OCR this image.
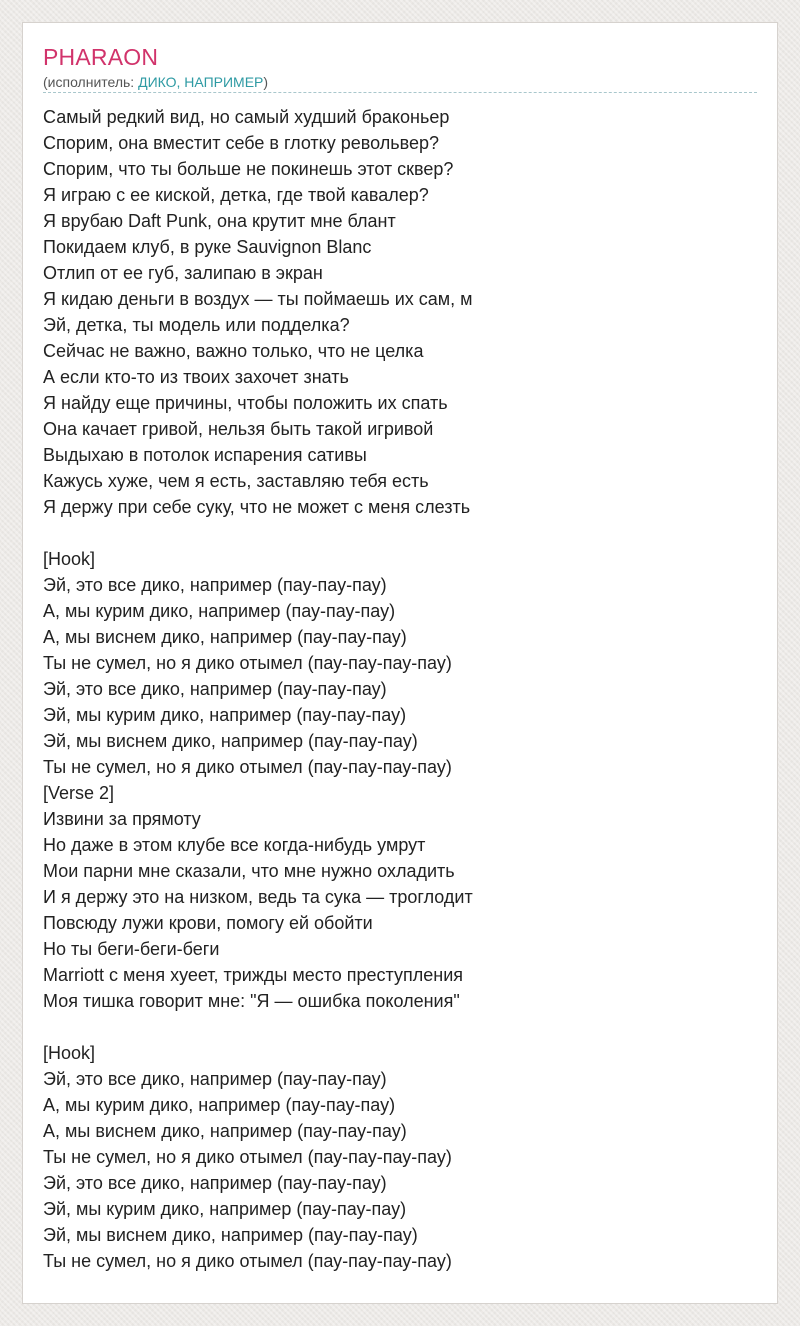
PHARAON
(исполнитель: ДИКО, НАПРИМЕР)
Самый редкий вид, но самый худший браконьер
Спорим, она вместит себе в глотку револьвер?
Спорим, что ты больше не покинешь этот сквер?
Я играю с ее киской, детка, где твой кавалер?
Я врубаю Daft Punk, она крутит мне блант
Покидаем клуб, в руке Sauvignon Blanc
Отлип от ее губ, залипаю в экран
Я кидаю деньги в воздух — ты поймаешь их сам, м
Эй, детка, ты модель или подделка?
Сейчас не важно, важно только, что не целка
А если кто-то из твоих захочет знать
Я найду еще причины, чтобы положить их спать
Она качает гривой, нельзя быть такой игривой
Выдыхаю в потолок испарения сативы
Кажусь хуже, чем я есть, заставляю тебя есть
Я держу при себе суку, что не может с меня слезть
[Hook]
Эй, это все дико, например (пау-пау-пау)
А, мы курим дико, например (пау-пау-пау)
А, мы виснем дико, например (пау-пау-пау)
Ты не сумел, но я дико отымел (пау-пау-пау-пау)
Эй, это все дико, например (пау-пау-пау)
Эй, мы курим дико, например (пау-пау-пау)
Эй, мы виснем дико, например (пау-пау-пау)
Ты не сумел, но я дико отымел (пау-пау-пау-пау)
[Verse 2]
Извини за прямоту
Но даже в этом клубе все когда-нибудь умрут
Мои парни мне сказали, что мне нужно охладить
И я держу это на низком, ведь та сука — троглодит
Повсюду лужи крови, помогу ей обойти
Но ты беги-беги-беги
Marriott с меня хуеет, трижды место преступления
Моя тишка говорит мне: "Я — ошибка поколения"
[Hook]
Эй, это все дико, например (пау-пау-пау)
А, мы курим дико, например (пау-пау-пау)
А, мы виснем дико, например (пау-пау-пау)
Ты не сумел, но я дико отымел (пау-пау-пау-пау)
Эй, это все дико, например (пау-пау-пау)
Эй, мы курим дико, например (пау-пау-пау)
Эй, мы виснем дико, например (пау-пау-пау)
Ты не сумел, но я дико отымел (пау-пау-пау-пау)
